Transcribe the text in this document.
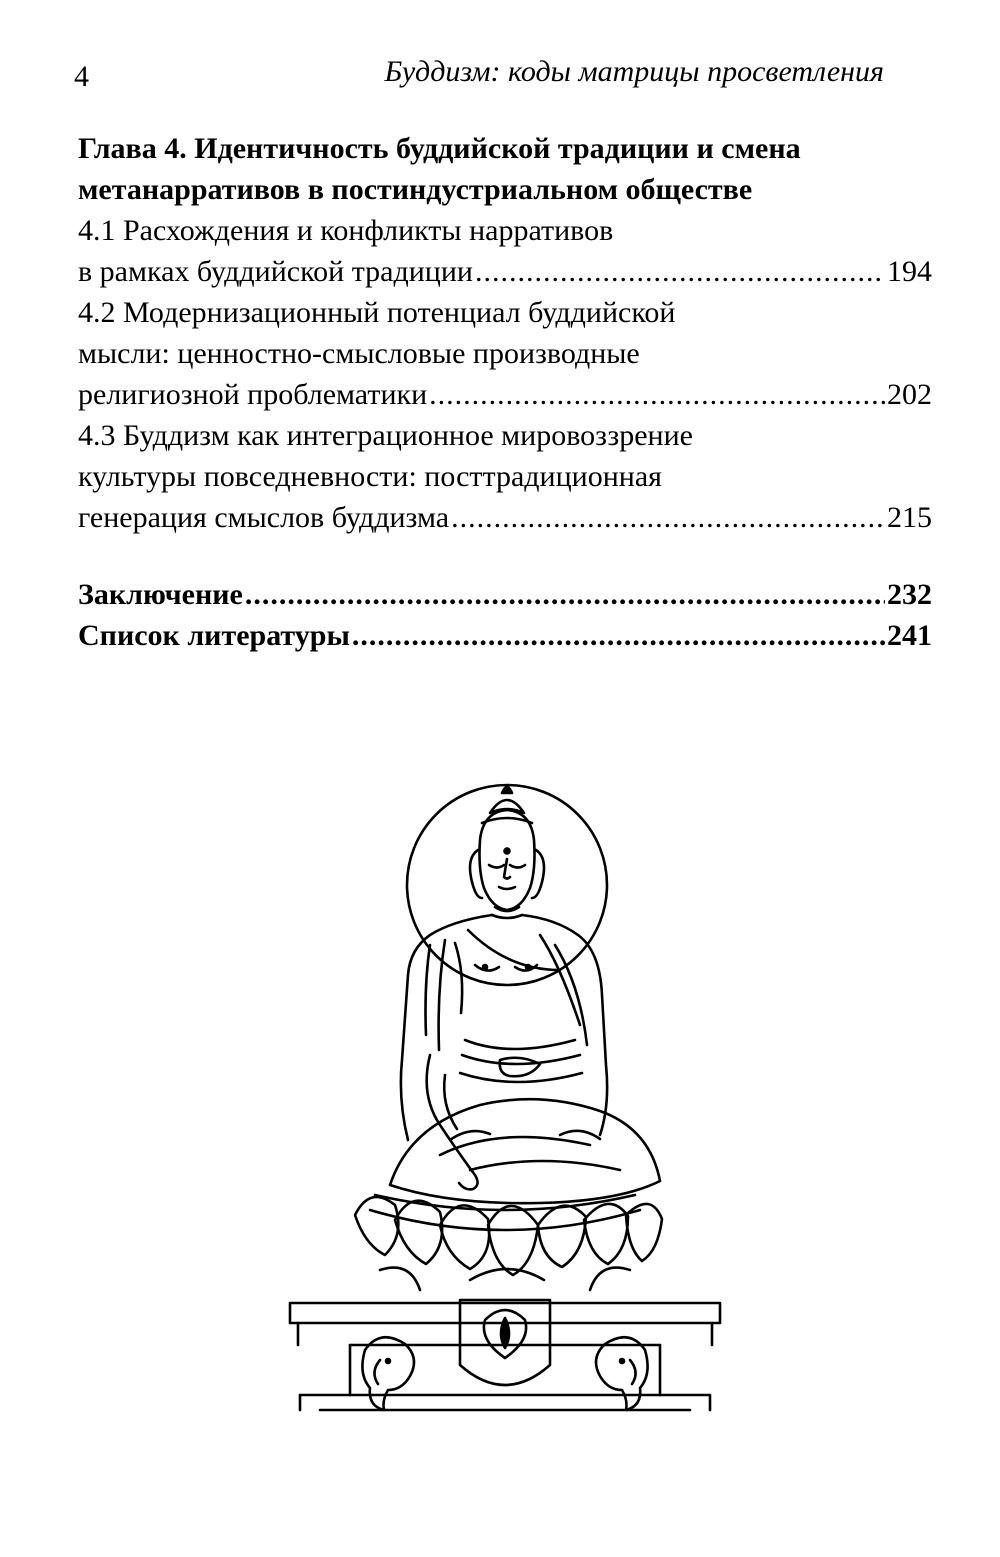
4	Буддизм: коды матрицы просветления
Глава 4. Идентичность буддийской традиции и смена
метанарративов в постиндустриальном обществе
4.1 Расхождения и конфликты нарративов
в рамках буддийской традиции .....	194
4.2 Модернизационный потенциал буддийской
мысли: ценностно-смысловые производные
религиозной проблематики .....	202
4.3 Буддизм как интеграционное мировоззрение
культуры повседневности: посттрадиционная
генерация смыслов буддизма .....	215
Заключение .....	232
Список литературы .....	241
